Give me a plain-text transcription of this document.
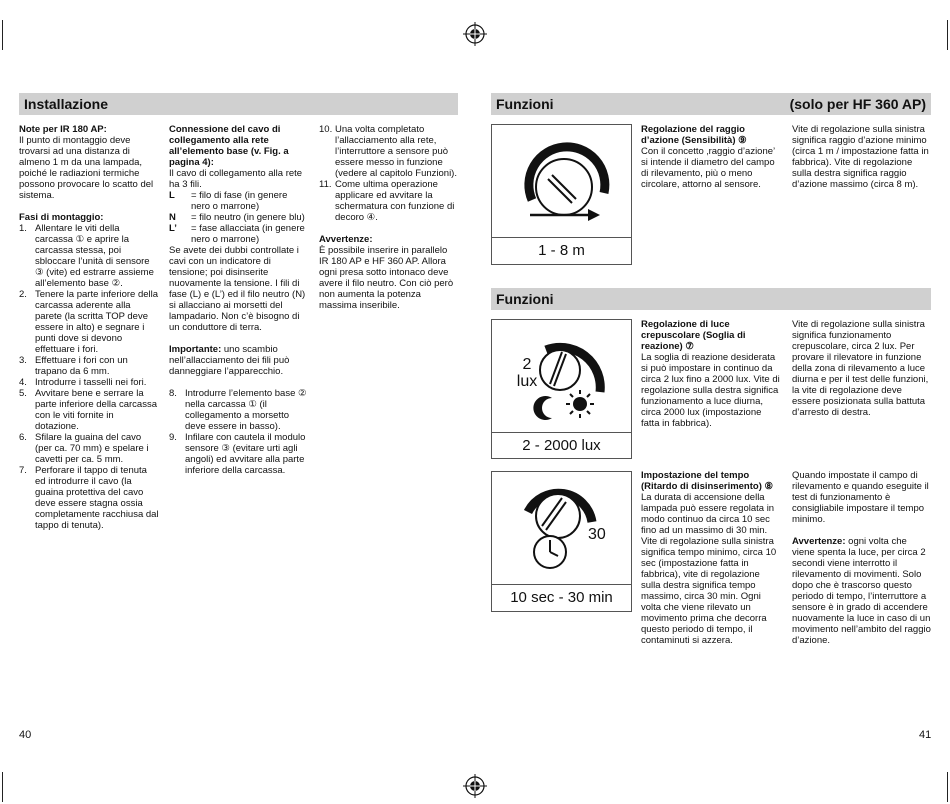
Installazione

Note per IR 180 AP:

Il punto di montaggio deve trovarsi ad una distanza di almeno 1 m da una lampada, poiché le radiazioni termiche possono provocare lo scatto del sistema.

Fasi di montaggio:

1. Allentare le viti della carcassa ① e aprire la carcassa stessa, poi sbloccare l’unità di sensore ③ (vite) ed estrarre assieme all’elemento base ②.
2. Tenere la parte inferiore della carcassa aderente alla parete (la scritta TOP deve essere in alto) e segnare i punti dove si devono effettuare i fori.
3. Effettuare i fori con un trapano da 6 mm.
4. Introdurre i tasselli nei fori.
5. Avvitare bene e serrare la parte inferiore della carcassa con le viti fornite in dotazione.
6. Sfilare la guaina del cavo (per ca. 70 mm) e spelare i cavetti per ca. 5 mm.
7. Perforare il tappo di tenuta ed introdurre il cavo (la guaina protettiva del cavo deve essere stagna ossia completamente racchiusa dal tappo di tenuta).

Connessione del cavo di collegamento alla rete all’elemento base (v. Fig. a pagina 4):

Il cavo di collegamento alla rete ha 3 fili.

L = filo di fase (in genere nero o marrone)
N = filo neutro (in genere blu)
L’ = fase allacciata (in genere nero o marrone)

Se avete dei dubbi controllate i cavi con un indicatore di tensione; poi disinserite nuovamente la tensione. I fili di fase (L) e (L’) ed il filo neutro (N) si allacciano ai morsetti del lampadario. Non c’è bisogno di un conduttore di terra.

Importante: uno scambio nell’allacciamento dei fili può danneggiare l’apparecchio.

8. Introdurre l’elemento base ② nella carcassa ① (il collegamento a morsetto deve essere in basso).
9. Infilare con cautela il modulo sensore ③ (evitare urti agli angoli) ed avvitare alla parte inferiore della carcassa.
10. Una volta completato l’allacciamento alla rete, l’interruttore a sensore può essere messo in funzione (vedere al capitolo Funzioni).
11. Come ultima operazione applicare ed avvitare la schermatura con funzione di decoro ④.

Avvertenze:

È possibile inserire in parallelo IR 180 AP e HF 360 AP. Allora ogni presa sotto intonaco deve avere il filo neutro. Con ciò però non aumenta la potenza massima inseribile.

40
Funzioni	(solo per HF 360 AP)
Funzioni
1 - 8 m

Regolazione del raggio d’azione (Sensibilità) ⑨

Con il concetto ‚raggio d’azione’ si intende il diametro del campo di rilevamento, più o meno circolare, attorno al sensore.

Vite di regolazione sulla sinistra significa raggio d’azione minimo (circa 1 m / impostazione fatta in fabbrica). Vite di regolazione sulla destra significa raggio d’azione massimo (circa 8 m).
2 lux
2 - 2000 lux

Regolazione di luce crepuscolare (Soglia di reazione) ⑦

La soglia di reazione desiderata si può impostare in continuo da circa 2 lux fino a 2000 lux. Vite di regolazione sulla destra significa funzionamento a luce diurna, circa 2000 lux (impostazione fatta in fabbrica).

Vite di regolazione sulla sinistra significa funzionamento crepuscolare, circa 2 lux. Per provare il rilevatore in funzione della zona di rilevamento a luce diurna e per il test delle funzioni, la vite di regolazione deve essere posizionata sulla battuta d’arresto di destra.
30
10 sec - 30 min

Impostazione del tempo (Ritardo di disinserimento) ⑧

La durata di accensione della lampada può essere regolata in modo continuo da circa 10 sec fino ad un massimo di 30 min. Vite di regolazione sulla sinistra significa tempo minimo, circa 10 sec (impostazione fatta in fabbrica), vite di regolazione sulla destra significa tempo massimo, circa 30 min. Ogni volta che viene rilevato un movimento prima che decorra questo periodo di tempo, il contaminuti si azzera.

Quando impostate il campo di rilevamento e quando eseguite il test di funzionamento è consigliabile impostare il tempo minimo.

Avvertenze: ogni volta che viene spenta la luce, per circa 2 secondi viene interrotto il rilevamento di movimenti. Solo dopo che è trascorso questo periodo di tempo, l’interruttore a sensore è in grado di accendere nuovamente la luce in caso di un movimento nell’ambito del raggio d’azione.

41
